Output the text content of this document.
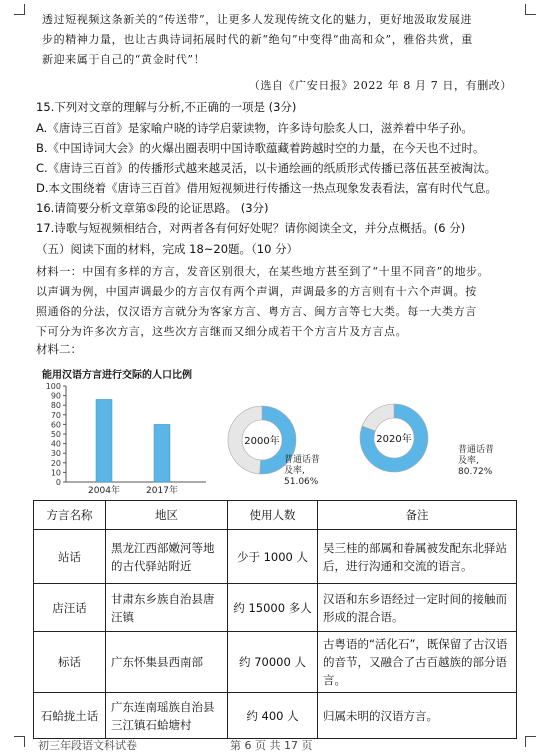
透过短视频这条新关的“传送带”，让更多人发现传统文化的魅力，更好地汲取发展进
步的精神力量，也让古典诗词拓展时代的新“绝句”中变得“曲高和众”，雅俗共赏，重
新迎来属于自己的“黄金时代”！
（选自《广安日报》2022 年 8 月 7 日，有删改）
15.下列对文章的理解与分析,不正确的一项是 (3分)
A.《唐诗三百首》是家喻户晓的诗学启蒙读物，许多诗句脍炙人口，滋养着中华子孙。
B.《中国诗词大会》的火爆出圈表明中国诗歌蕴藏着跨越时空的力量，在今天也不过时。
C.《唐诗三百首》的传播形式越来越灵活，以卡通绘画的纸质形式传播已落伍甚至被淘汰。
D.本文围绕着《唐诗三百首》借用短视频进行传播这一热点现象发表看法，富有时代气息。
16.请简要分析文章第⑤段的论证思路。 (3分)
17.诗歌与短视频相结合，对两者各有何好处呢？请你阅读全文，并分点概括。(6 分)
（五）阅读下面的材料，完成 18~20题。（10 分）
材料一：中国有多样的方言，发音区别很大，在某些地方甚至到了“十里不同音”的地步。
以声调为例，中国声调最少的方言仅有两个声调，声调最多的方言则有十六个声调。按
照通俗的分法，仅汉语方言就分为客家方言、粤方言、闽方言等七大类。每一大类方言
下可分为许多次方言，这些次方言继而又细分成若干个方言片及方言点。
材料二：
能用汉语方言进行交际的人口比例
100
90
80
70
60
50
40
30
20
10
0
2004年	2017年
2000年
普通话普
及率,
51.06%
2020年
普通话普
及率,
80.72%
方言名称	地区	使用人数	备注
站话	黑龙江西部嫩河等地的古代驿站附近	少于 1000 人	吴三桂的部属和眷属被发配东北驿站后，进行沟通和交流的语言。
店汪话	甘肃东乡族自治县唐汪镇	约 15000 多人	汉语和东乡语经过一定时间的接触而形成的混合语。
标话	广东怀集县西南部	约 70000 人	古粤语的“活化石”，既保留了古汉语的音节，又融合了古百越族的部分语言。
石蛤拢土话	广东连南瑶族自治县三江镇石蛤塘村	约 400 人	归属未明的汉语方言。
初三年段语文科试卷	第 6 页 共 17 页
